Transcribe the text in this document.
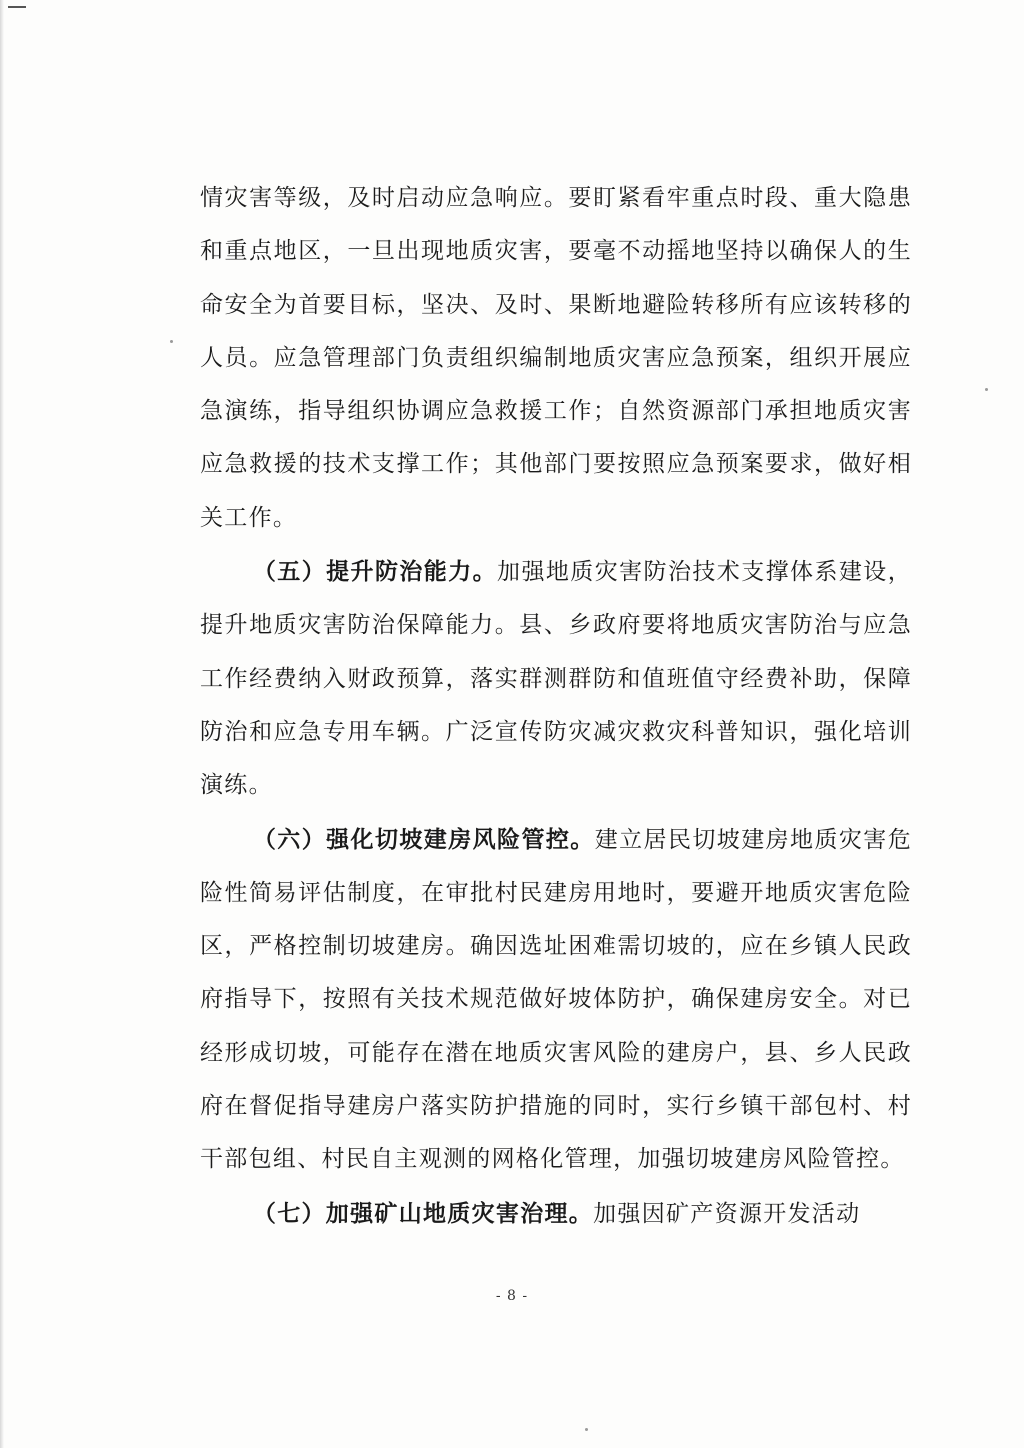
情灾害等级，及时启动应急响应。要盯紧看牢重点时段、重大隐患和重点地区，一旦出现地质灾害，要毫不动摇地坚持以确保人的生命安全为首要目标，坚决、及时、果断地避险转移所有应该转移的人员。应急管理部门负责组织编制地质灾害应急预案，组织开展应急演练，指导组织协调应急救援工作；自然资源部门承担地质灾害应急救援的技术支撑工作；其他部门要按照应急预案要求，做好相关工作。

（五）提升防治能力。加强地质灾害防治技术支撑体系建设，提升地质灾害防治保障能力。县、乡政府要将地质灾害防治与应急工作经费纳入财政预算，落实群测群防和值班值守经费补助，保障防治和应急专用车辆。广泛宣传防灾减灾救灾科普知识，强化培训演练。

（六）强化切坡建房风险管控。建立居民切坡建房地质灾害危险性简易评估制度，在审批村民建房用地时，要避开地质灾害危险区，严格控制切坡建房。确因选址困难需切坡的，应在乡镇人民政府指导下，按照有关技术规范做好坡体防护，确保建房安全。对已经形成切坡，可能存在潜在地质灾害风险的建房户，县、乡人民政府在督促指导建房户落实防护措施的同时，实行乡镇干部包村、村干部包组、村民自主观测的网格化管理，加强切坡建房风险管控。

（七）加强矿山地质灾害治理。加强因矿产资源开发活动

- 8 -
